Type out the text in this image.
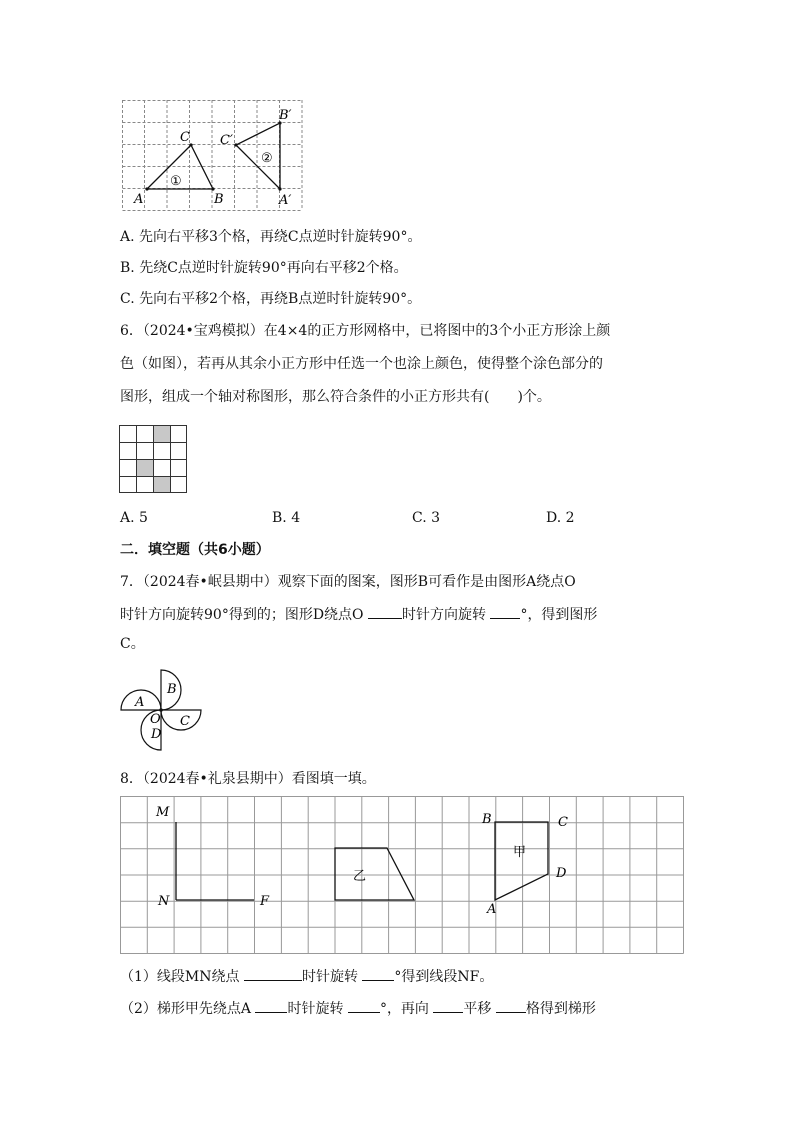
A	B
C
A′
B′
C′
①
②
A. 先向右平移3个格，再绕C点逆时针旋转90°。
B. 先绕C点逆时针旋转90°再向右平移2个格。
C. 先向右平移2个格，再绕B点逆时针旋转90°。
6．（2024•宝鸡模拟）在4×4的正方形网格中，已将图中的3个小正方形涂上颜
色（如图），若再从其余小正方形中任选一个也涂上颜色，使得整个涂色部分的
图形，组成一个轴对称图形，那么符合条件的小正方形共有(　　)个。
A. 5	B. 4	C. 3	D. 2
二．填空题（共6小题）
7．（2024春•岷县期中）观察下面的图案，图形B可看作是由图形A绕点O
时针方向旋转90°得到的；图形D绕点O	时针方向旋转 °，得到图形
C。
A
B
C
D
O
8．（2024春•礼泉县期中）看图填一填。
M
N	F
乙
甲
B	C
D
A
（1）线段MN绕点	时针旋转	°得到线段NF。
（2）梯形甲先绕点A	时针旋转	°，再向 平移 格得到梯形
